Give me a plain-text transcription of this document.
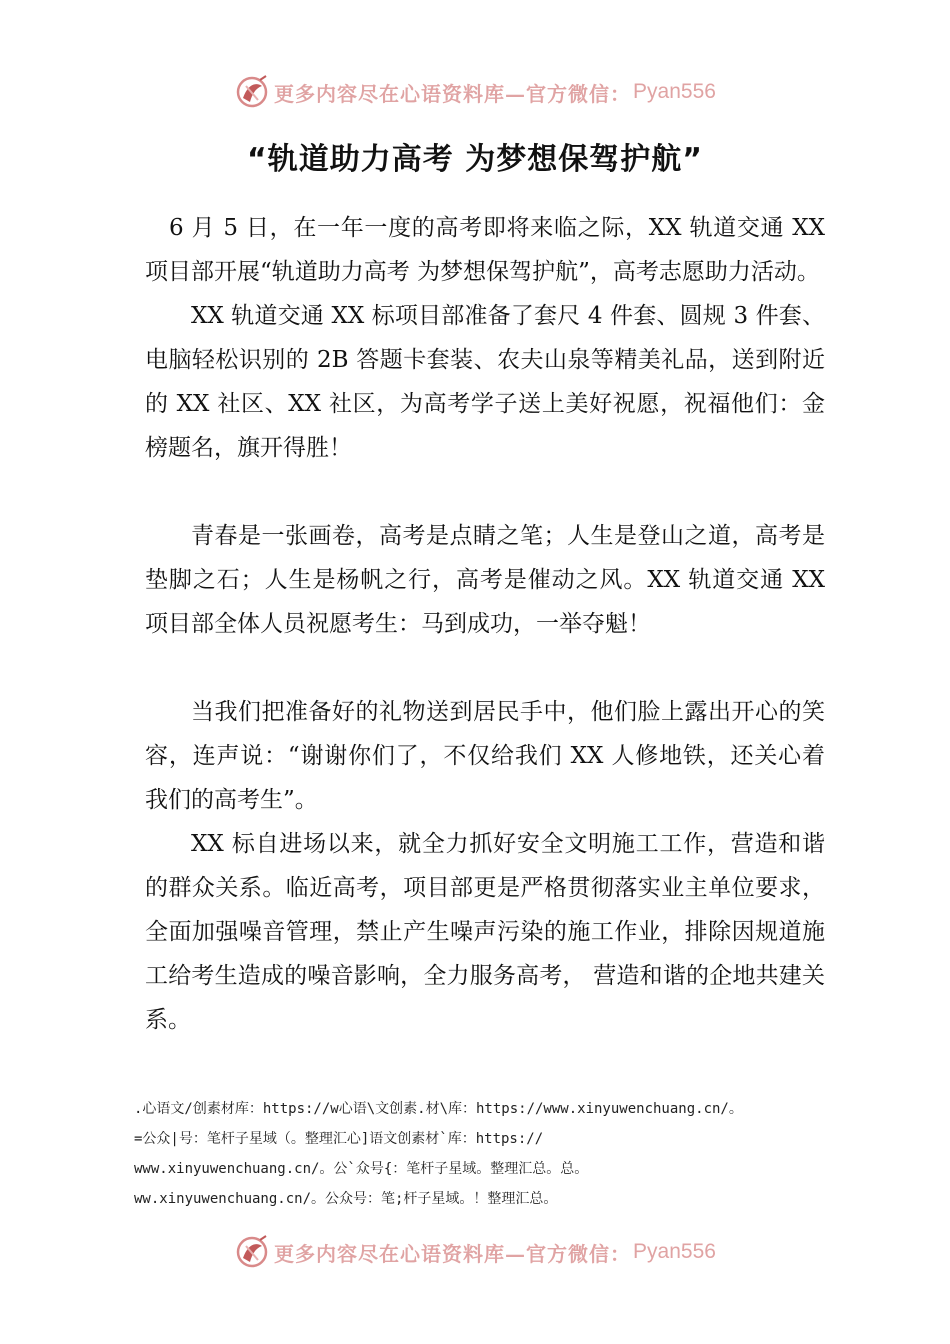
更多内容尽在心语资料库—官方微信： Pyan556
“轨道助力高考 为梦想保驾护航”

6 月 5 日，在一年一度的高考即将来临之际，XX 轨道交通 XX 项目部开展“轨道助力高考 为梦想保驾护航”，高考志愿助力活动。

XX 轨道交通 XX 标项目部准备了套尺 4 件套、圆规 3 件套、电脑轻松识别的 2B 答题卡套装、农夫山泉等精美礼品，送到附近的 XX 社区、XX 社区，为高考学子送上美好祝愿，祝福他们：金榜题名，旗开得胜！

青春是一张画卷，高考是点睛之笔；人生是登山之道，高考是垫脚之石；人生是杨帆之行，高考是催动之风。XX 轨道交通 XX 项目部全体人员祝愿考生：马到成功，一举夺魁！

当我们把准备好的礼物送到居民手中，他们脸上露出开心的笑容，连声说：“谢谢你们了，不仅给我们 XX 人修地铁，还关心着我们的高考生”。

XX 标自进场以来，就全力抓好安全文明施工工作，营造和谐的群众关系。临近高考，项目部更是严格贯彻落实业主单位要求，全面加强噪音管理，禁止产生噪声污染的施工作业，排除因规道施工给考生造成的噪音影响，全力服务高考， 营造和谐的企地共建关系。

.心语文/创素材库：https://w心语\文创素.材\库：https://www.xinyuwenchuang.cn/。
=公众|号：笔杆子星域（。整理汇心]语文创素材`库：https://
www.xinyuwenchuang.cn/。公`众号{：笔杆子星域。整理汇总。总。
ww.xinyuwenchuang.cn/。公众号：笔;杆子星域。！整理汇总。
更多内容尽在心语资料库—官方微信： Pyan556
